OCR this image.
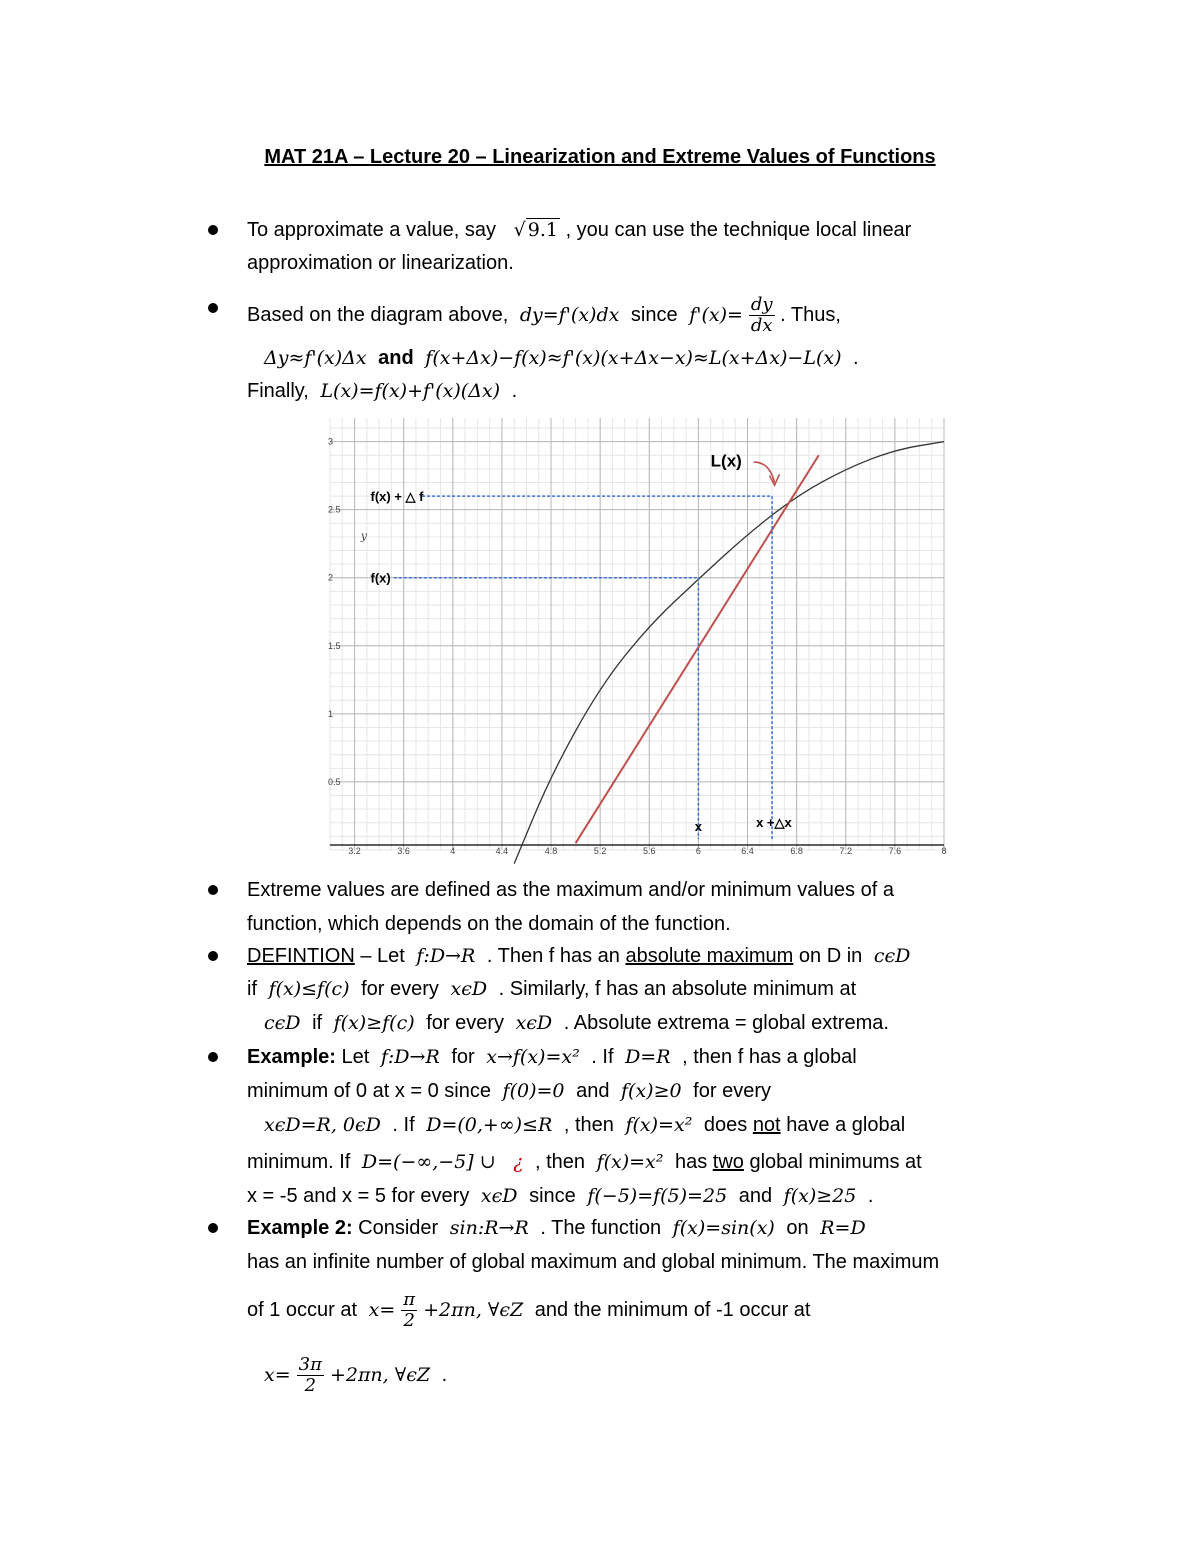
MAT 21A – Lecture 20 – Linearization and Extreme Values of Functions
To approximate a value, say   √ 9.1 , you can use the technique local linear
approximation or linearization.
Based on the diagram above, dy=f'(x)dx since $f'(x)= \frac{dy}{dx}$ . Thus,
Δy≈f'(x)Δx and f(x+Δx)−f(x)≈f'(x)(x+Δx−x)≈L(x+Δx)−L(x) .
Finally, L(x)=f(x)+f'(x)(Δx) .
3.2	3.6	4	4.4	4.8	5.2	5.6	6	6.4	6.8	7.2	7.6	8
0.5
1
1.5
2
2.5
3
y
f(x)
f(x) + △ f
x	x +△x
L(x)
Extreme values are defined as the maximum and/or minimum values of a
function, which depends on the domain of the function.
DEFINTION – Let f:D→R . Then f has an absolute maximum on D in cϵD
if f(x)≤f(c) for every xϵD . Similarly, f has an absolute minimum at
cϵD if f(x)≥f(c) for every xϵD . Absolute extrema = global extrema.
Example: Let f:D→R for x→f(x)=x² . If D=R , then f has a global
minimum of 0 at x = 0 since f(0)=0 and f(x)≥0 for every
xϵD=R, 0ϵD . If D=(0,+∞)≤R , then f(x)=x² does not have a global
minimum. If D=(−∞,−5] ∪ ¿ , then f(x)=x² has two global minimums at
x = -5 and x = 5 for every xϵD since f(−5)=f(5)=25 and f(x)≥25 .
Example 2: Consider sin:R→R . The function f(x)=sin(x) on R=D
has an infinite number of global maximum and global minimum. The maximum
of 1 occur at $x= \frac{\pi}{2} +2\pi n$, ∀ϵZ and the minimum of -1 occur at
$x= \frac{3\pi}{2} +2\pi n$, ∀ϵZ .
